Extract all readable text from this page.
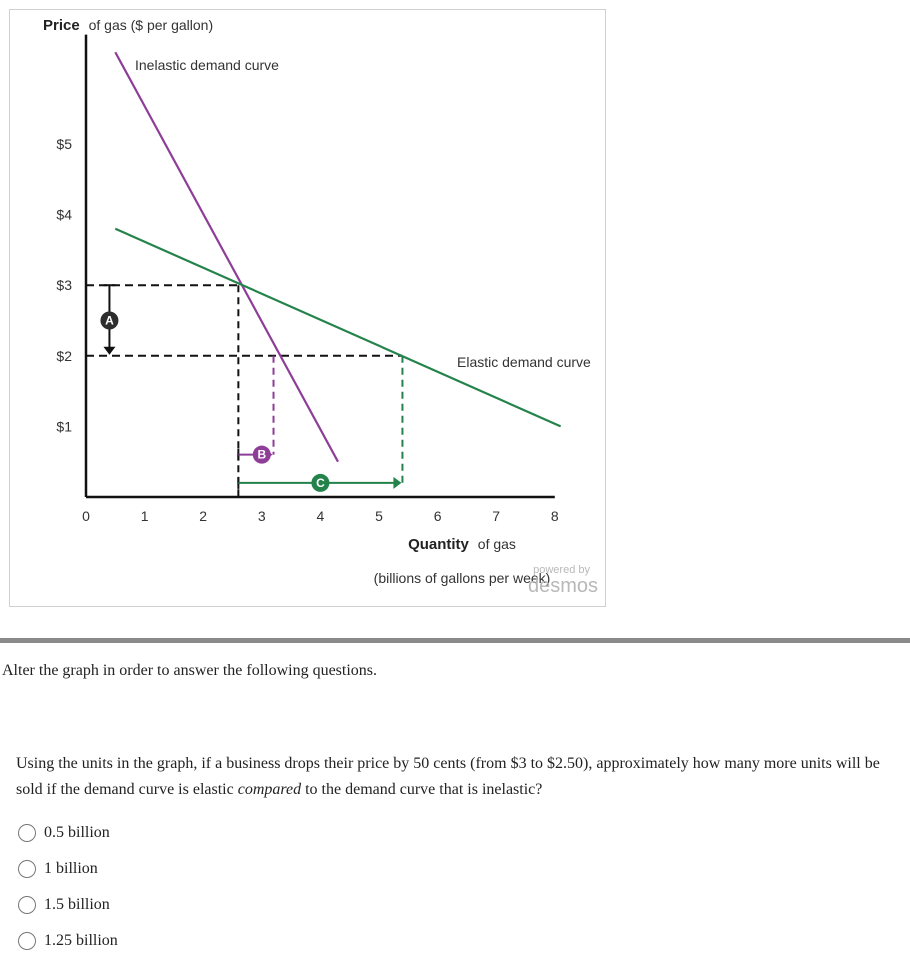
Price of gas ($ per gallon)
$1
$2
$3
$4
$5
0	1	2	3	4	5	6	7	8
Inelastic demand curve
Elastic demand curve
A
B
C
Quantity of gas
(billions of gallons per week)
powered by
desmos
Alter the graph in order to answer the following questions.
Using the units in the graph, if a business drops their price by 50 cents (from $3 to $2.50), approximately how many more units will be sold if the demand curve is elastic compared to the demand curve that is inelastic?
0.5 billion
1 billion
1.5 billion
1.25 billion
